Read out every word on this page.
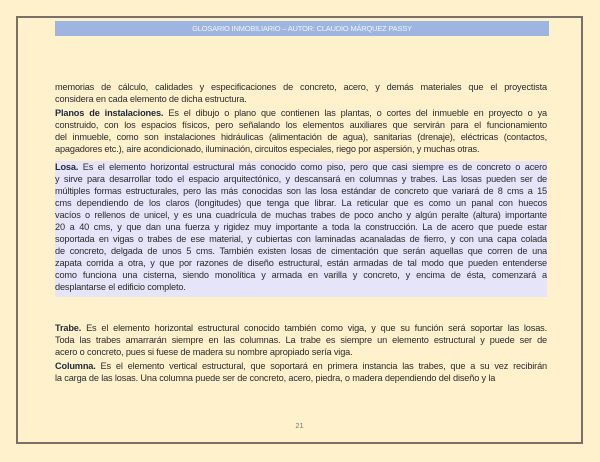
GLOSARIO INMOBILIARIO – AUTOR: CLAUDIO MÁRQUEZ PASSY
memorias de cálculo, calidades y especificaciones de concreto, acero, y demás materiales que el proyectista
considera en cada elemento de dicha estructura.
Planos de instalaciones. Es el dibujo o plano que contienen las plantas, o cortes del inmueble en proyecto o ya
construido, con los espacios físicos, pero señalando los elementos auxiliares que servirán para el funcionamiento
del inmueble, como son instalaciones hidráulicas (alimentación de agua), sanitarias (drenaje), eléctricas (contactos,
apagadores etc.), aire acondicionado, iluminación, circuitos especiales, riego por aspersión, y muchas otras.
Losa. Es el elemento horizontal estructural más conocido como piso, pero que casi siempre es de concreto o acero
y sirve para desarrollar todo el espacio arquitectónico, y descansará en columnas y trabes. Las losas pueden ser de
múltiples formas estructurales, pero las más conocidas son las losa estándar de concreto que variará de 8 cms a 15
cms dependiendo de los claros (longitudes) que tenga que librar. La reticular que es como un panal con huecos
vacíos o rellenos de unicel, y es una cuadrícula de muchas trabes de poco ancho y algún peralte (altura) importante
20 a 40 cms, y que dan una fuerza y rigidez muy importante a toda la construcción. La de acero que puede estar
soportada en vigas o trabes de ese material, y cubiertas con laminadas acanaladas de fierro, y con una capa colada
de concreto, delgada de unos 5 cms. También existen losas de cimentación que serán aquellas que corren de una
zapata corrida a otra, y que por razones de diseño estructural, están armadas de tal modo que pueden entenderse
como funciona una cisterna, siendo monolítica y armada en varilla y concreto, y encima de ésta, comenzará a
desplantarse el edificio completo.
Trabe. Es el elemento horizontal estructural conocido también como viga, y que su función será soportar las losas.
Toda las trabes amarrarán siempre en las columnas. La trabe es siempre un elemento estructural y puede ser de
acero o concreto, pues si fuese de madera su nombre apropiado sería viga.
Columna. Es el elemento vertical estructural, que soportará en primera instancia las trabes, que a su vez recibirán
la carga de las losas. Una columna puede ser de concreto, acero, piedra, o madera dependiendo del diseño y la
21
